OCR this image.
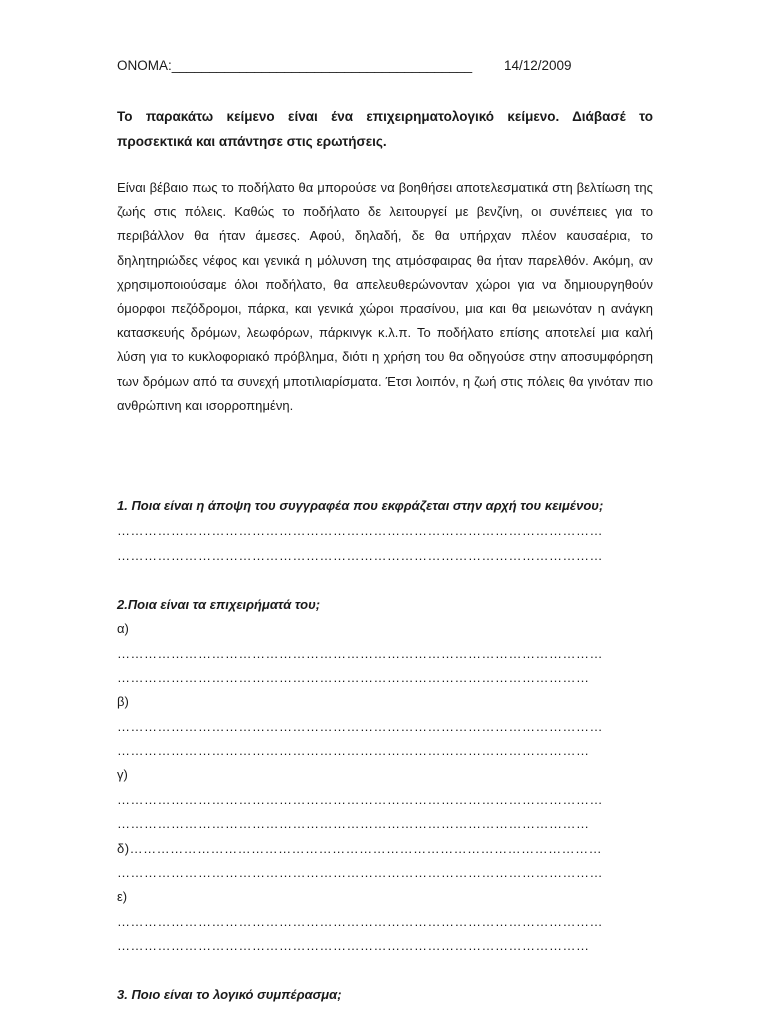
ΟΝΟΜΑ:________________________________________ 14/12/2009
Το παρακάτω κείμενο είναι ένα επιχειρηματολογικό κείμενο. Διάβασέ το προσεκτικά και απάντησε στις ερωτήσεις.
Είναι βέβαιο πως το ποδήλατο θα μπορούσε να βοηθήσει αποτελεσματικά στη βελτίωση της ζωής στις πόλεις. Καθώς το ποδήλατο δε λειτουργεί με βενζίνη, οι συνέπειες για το περιβάλλον θα ήταν άμεσες. Αφού, δηλαδή, δε θα υπήρχαν πλέον καυσαέρια, το δηλητηριώδες νέφος και γενικά η μόλυνση της ατμόσφαιρας θα ήταν παρελθόν. Ακόμη, αν χρησιμοποιούσαμε όλοι ποδήλατο, θα απελευθερώνονταν χώροι για να δημιουργηθούν όμορφοι πεζόδρομοι, πάρκα, και γενικά χώροι πρασίνου, μια και θα μειωνόταν η ανάγκη κατασκευής δρόμων, λεωφόρων, πάρκινγκ κ.λ.π. Το ποδήλατο επίσης αποτελεί μια καλή λύση για το κυκλοφοριακό πρόβλημα, διότι η χρήση του θα οδηγούσε στην αποσυμφόρηση των δρόμων από τα συνεχή μποτιλιαρίσματα. Έτσι λοιπόν, η ζωή στις πόλεις θα γινόταν πιο ανθρώπινη και ισορροπημένη.
1. Ποια είναι η άποψη του συγγραφέα που εκφράζεται στην αρχή του κειμένου;
………………………………………………………………………………………………
………………………………………………………………………………………………
2.Ποια είναι τα επιχειρήματά του;
α)
………………………………………………………………………………………………
……………………………………………………………………………………………
β)
………………………………………………………………………………………………
……………………………………………………………………………………………
γ)
………………………………………………………………………………………………
……………………………………………………………………………………………
δ)……………………………………………………………………………………………
………………………………………………………………………………………………
ε)
………………………………………………………………………………………………
……………………………………………………………………………………………
3. Ποιο είναι το λογικό συμπέρασμα;
